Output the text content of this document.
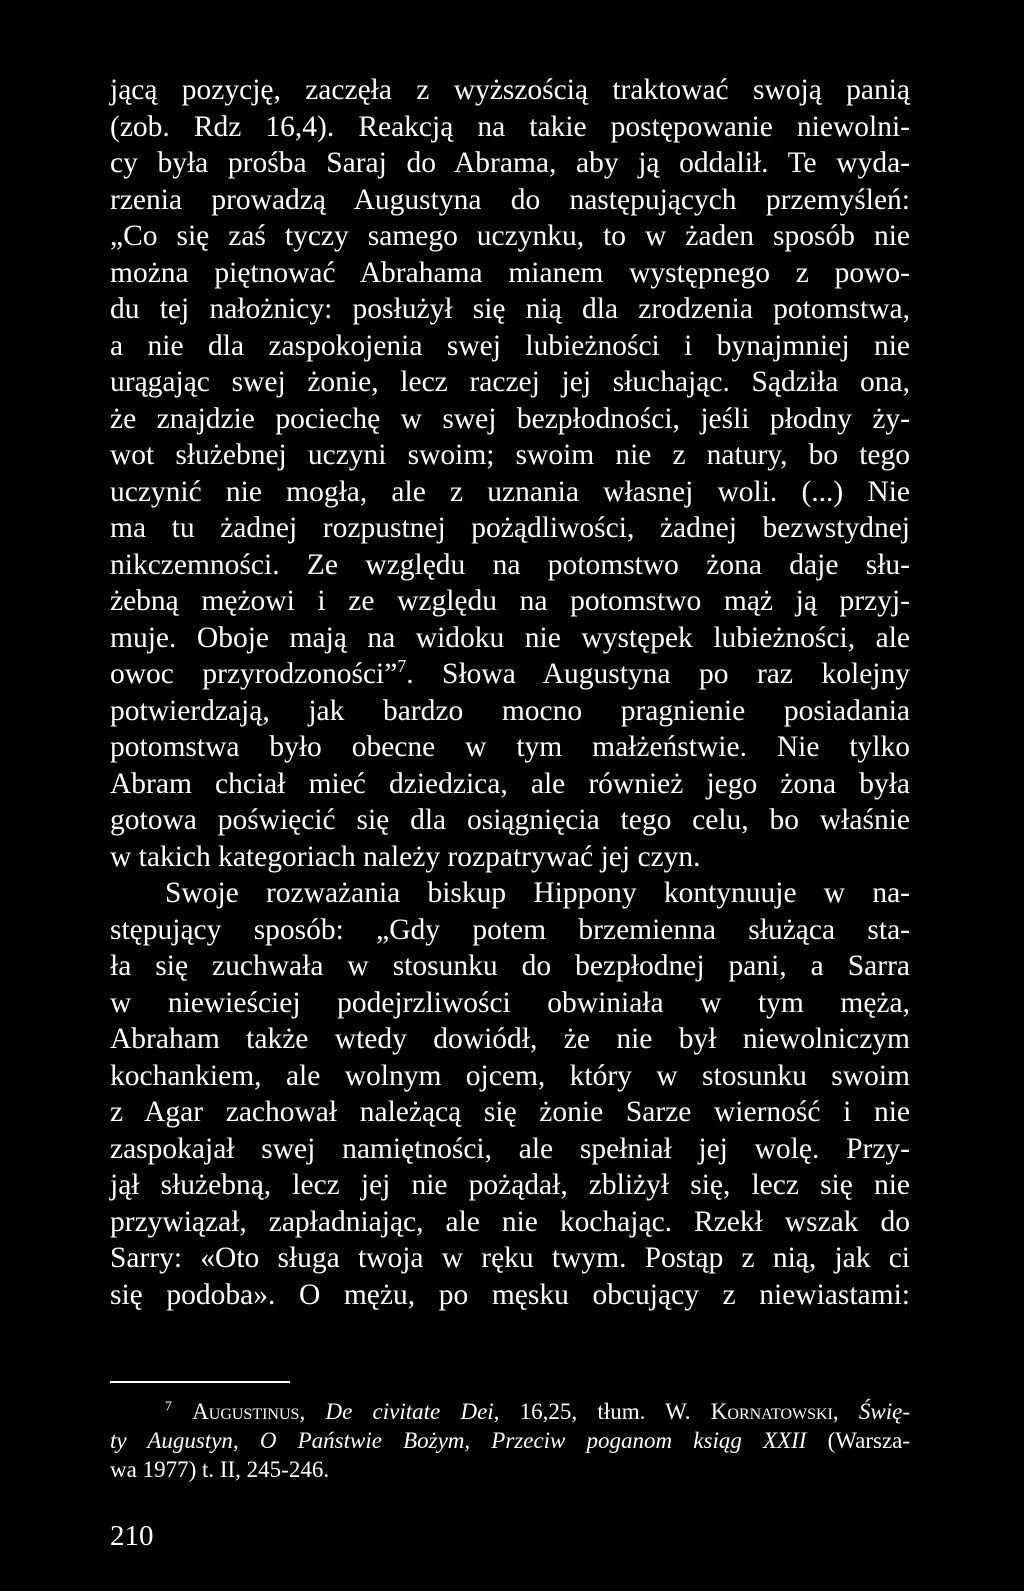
jącą pozycję, zaczęła z wyższością traktować swoją panią
(zob. Rdz 16,4). Reakcją na takie postępowanie niewolni-
cy była prośba Saraj do Abrama, aby ją oddalił. Te wyda-
rzenia prowadzą Augustyna do następujących przemyśleń:
„Co się zaś tyczy samego uczynku, to w żaden sposób nie
można piętnować Abrahama mianem występnego z powo-
du tej nałożnicy: posłużył się nią dla zrodzenia potomstwa,
a nie dla zaspokojenia swej lubieżności i bynajmniej nie
urągając swej żonie, lecz raczej jej słuchając. Sądziła ona,
że znajdzie pociechę w swej bezpłodności, jeśli płodny ży-
wot służebnej uczyni swoim; swoim nie z natury, bo tego
uczynić nie mogła, ale z uznania własnej woli. (...) Nie
ma tu żadnej rozpustnej pożądliwości, żadnej bezwstydnej
nikczemności. Ze względu na potomstwo żona daje słu-
żebną mężowi i ze względu na potomstwo mąż ją przyj-
muje. Oboje mają na widoku nie występek lubieżności, ale
owoc przyrodzoności”$^7$. Słowa Augustyna po raz kolejny
potwierdzają, jak bardzo mocno pragnienie posiadania
potomstwa było obecne w tym małżeństwie. Nie tylko
Abram chciał mieć dziedzica, ale również jego żona była
gotowa poświęcić się dla osiągnięcia tego celu, bo właśnie
w takich kategoriach należy rozpatrywać jej czyn.
Swoje rozważania biskup Hippony kontynuuje w na-
stępujący sposób: „Gdy potem brzemienna służąca sta-
ła się zuchwała w stosunku do bezpłodnej pani, a Sarra
w niewieściej podejrzliwości obwiniała w tym męża,
Abraham także wtedy dowiódł, że nie był niewolniczym
kochankiem, ale wolnym ojcem, który w stosunku swoim
z Agar zachował należącą się żonie Sarze wierność i nie
zaspokajał swej namiętności, ale spełniał jej wolę. Przy-
jął służebną, lecz jej nie pożądał, zbliżył się, lecz się nie
przywiązał, zapładniając, ale nie kochając. Rzekł wszak do
Sarry: «Oto sługa twoja w ręku twym. Postąp z nią, jak ci
się podoba». O mężu, po męsku obcujący z niewiastami:
$^7$ Augustinus, De civitate Dei, 16,25, tłum. W. Kornatowski, Świę-
ty Augustyn, O Państwie Bożym, Przeciw poganom ksiąg XXII (Warsza-
wa 1977) t. II, 245-246.
210
